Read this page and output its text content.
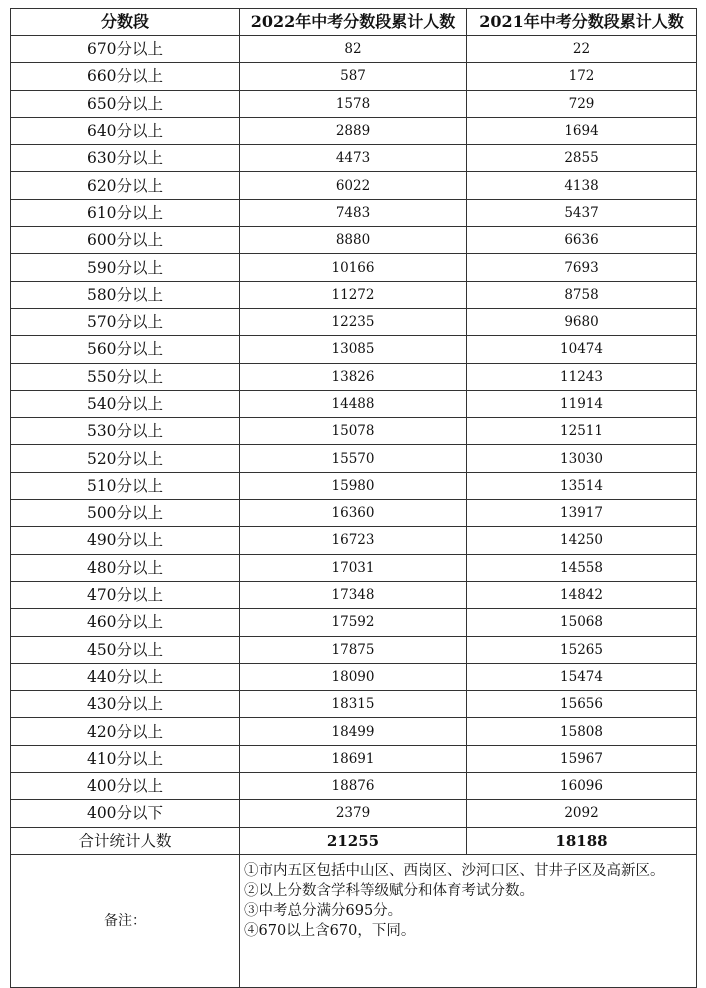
分数段	2022年中考分数段累计人数	2021年中考分数段累计人数
670分以上	82	22
660分以上	587	172
650分以上	1578	729
640分以上	2889	1694
630分以上	4473	2855
620分以上	6022	4138
610分以上	7483	5437
600分以上	8880	6636
590分以上	10166	7693
580分以上	11272	8758
570分以上	12235	9680
560分以上	13085	10474
550分以上	13826	11243
540分以上	14488	11914
530分以上	15078	12511
520分以上	15570	13030
510分以上	15980	13514
500分以上	16360	13917
490分以上	16723	14250
480分以上	17031	14558
470分以上	17348	14842
460分以上	17592	15068
450分以上	17875	15265
440分以上	18090	15474
430分以上	18315	15656
420分以上	18499	15808
410分以上	18691	15967
400分以上	18876	16096
400分以下	2379	2092
合计统计人数	21255	18188
备注：	①市内五区包括中山区、西岗区、沙河口区、甘井子区及高新区。
②以上分数含学科等级赋分和体育考试分数。
③中考总分满分695分。
④670以上含670，下同。	
